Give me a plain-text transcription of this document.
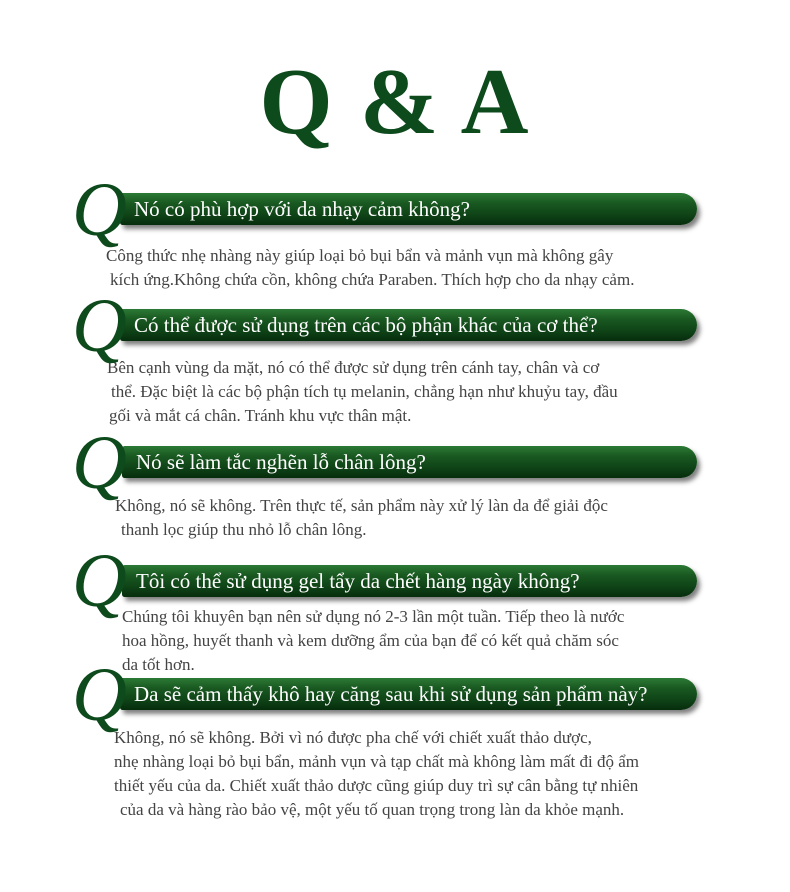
Q & A
Q Nó có phù hợp với da nhạy cảm không?
Công thức nhẹ nhàng này giúp loại bỏ bụi bẩn và mảnh vụn mà không gây
kích ứng.Không chứa cồn, không chứa Paraben. Thích hợp cho da nhạy cảm.
Q Có thể được sử dụng trên các bộ phận khác của cơ thể?
Bên cạnh vùng da mặt, nó có thể được sử dụng trên cánh tay, chân và cơ
thể. Đặc biệt là các bộ phận tích tụ melanin, chẳng hạn như khuỷu tay, đầu
gối và mắt cá chân. Tránh khu vực thân mật.
Q Nó sẽ làm tắc nghẽn lỗ chân lông?
Không, nó sẽ không. Trên thực tế, sản phẩm này xử lý làn da để giải độc
thanh lọc giúp thu nhỏ lỗ chân lông.
Q Tôi có thể sử dụng gel tẩy da chết hàng ngày không?
Chúng tôi khuyên bạn nên sử dụng nó 2-3 lần một tuần. Tiếp theo là nước
hoa hồng, huyết thanh và kem dưỡng ẩm của bạn để có kết quả chăm sóc
da tốt hơn.
Q Da sẽ cảm thấy khô hay căng sau khi sử dụng sản phẩm này?
Không, nó sẽ không. Bởi vì nó được pha chế với chiết xuất thảo dược,
nhẹ nhàng loại bỏ bụi bẩn, mảnh vụn và tạp chất mà không làm mất đi độ ẩm
thiết yếu của da. Chiết xuất thảo dược cũng giúp duy trì sự cân bằng tự nhiên
của da và hàng rào bảo vệ, một yếu tố quan trọng trong làn da khỏe mạnh.
